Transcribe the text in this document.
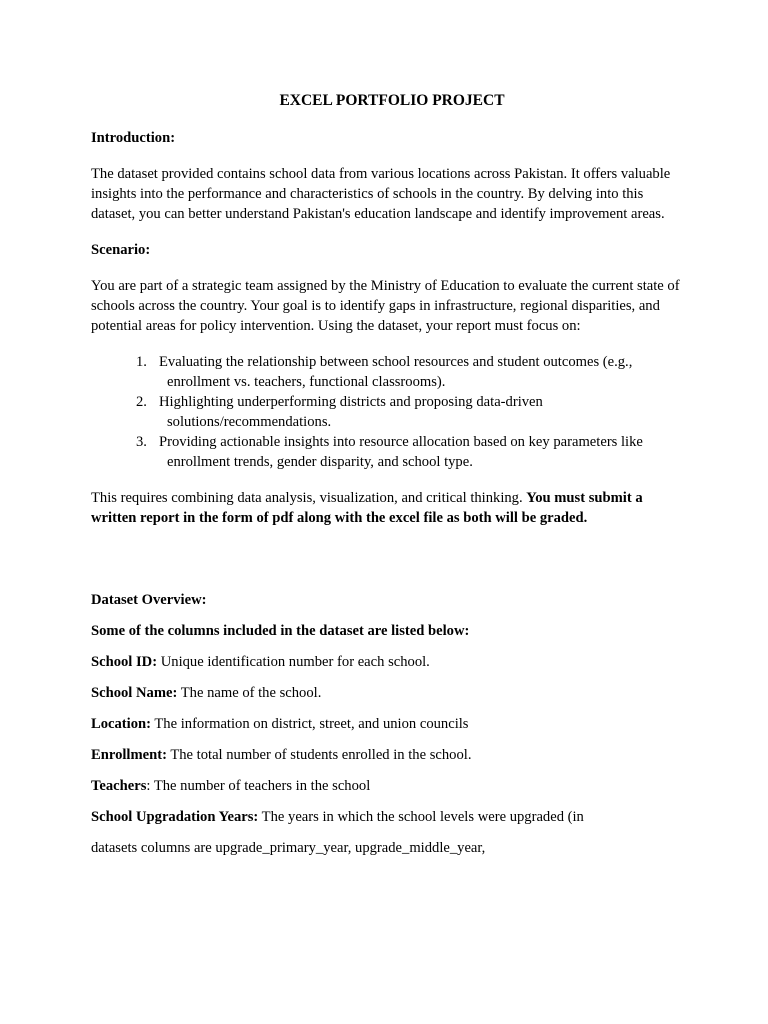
EXCEL PORTFOLIO PROJECT
Introduction:
The dataset provided contains school data from various locations across Pakistan. It offers valuable insights into the performance and characteristics of schools in the country. By delving into this dataset, you can better understand Pakistan's education landscape and identify improvement areas.
Scenario:
You are part of a strategic team assigned by the Ministry of Education to evaluate the current state of schools across the country. Your goal is to identify gaps in infrastructure, regional disparities, and potential areas for policy intervention. Using the dataset, your report must focus on:
1. Evaluating the relationship between school resources and student outcomes (e.g., enrollment vs. teachers, functional classrooms).
2. Highlighting underperforming districts and proposing data-driven solutions/recommendations.
3. Providing actionable insights into resource allocation based on key parameters like enrollment trends, gender disparity, and school type.
This requires combining data analysis, visualization, and critical thinking. You must submit a written report in the form of pdf along with the excel file as both will be graded.
Dataset Overview:
Some of the columns included in the dataset are listed below:
School ID: Unique identification number for each school.
School Name: The name of the school.
Location: The information on district, street, and union councils
Enrollment: The total number of students enrolled in the school.
Teachers: The number of teachers in the school
School Upgradation Years: The years in which the school levels were upgraded (in
datasets columns are upgrade_primary_year, upgrade_middle_year,
